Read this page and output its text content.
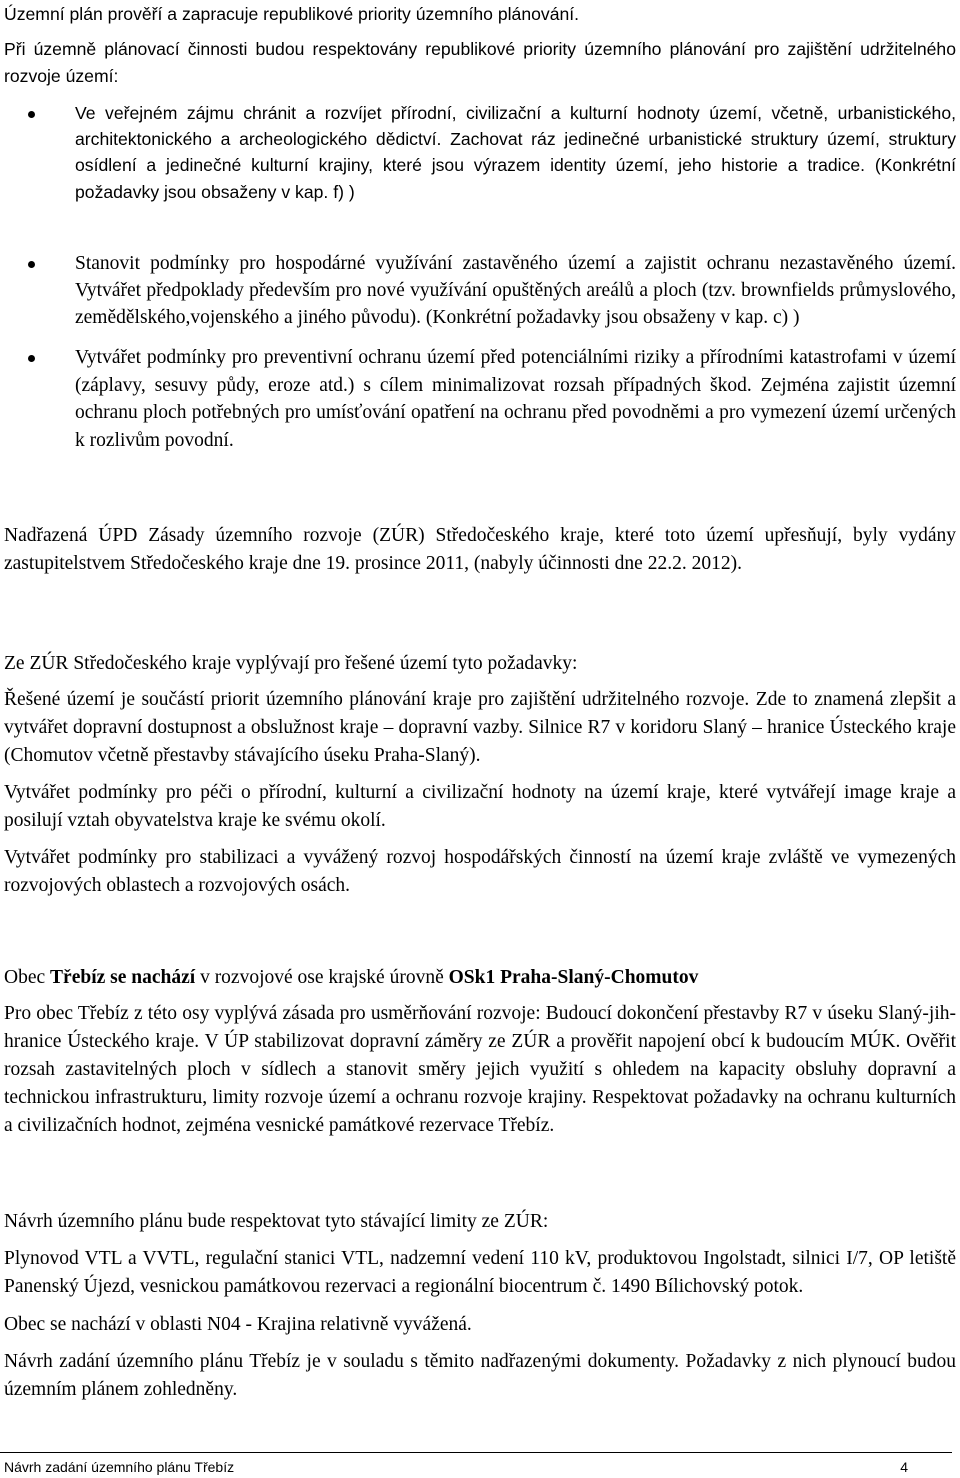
Územní plán prověří a zapracuje republikové priority územního plánování.

Při územně plánovací činnosti budou respektovány republikové priority územního plánování pro zajištění udržitelného rozvoje území:

Ve veřejném zájmu chránit a rozvíjet přírodní, civilizační a kulturní hodnoty území, včetně, urbanistického, architektonického a archeologického dědictví. Zachovat ráz jedinečné urbanistické struktury území, struktury osídlení a jedinečné kulturní krajiny, které jsou výrazem identity území, jeho historie a tradice. (Konkrétní požadavky jsou obsaženy v kap. f) )
Stanovit podmínky pro hospodárné využívání zastavěného území a zajistit ochranu nezastavěného území. Vytvářet předpoklady především pro nové využívání opuštěných areálů a ploch (tzv. brownfields průmyslového, zemědělského,vojenského a jiného původu). (Konkrétní požadavky jsou obsaženy v kap. c) )
Vytvářet podmínky pro preventivní ochranu území před potenciálními riziky a přírodními katastrofami v území (záplavy, sesuvy půdy, eroze atd.) s cílem minimalizovat rozsah případných škod. Zejména zajistit územní ochranu ploch potřebných pro umísťování opatření na ochranu před povodněmi a pro vymezení území určených k rozlivům povodní.

Nadřazená ÚPD Zásady územního rozvoje (ZÚR) Středočeského kraje, které toto území upřesňují, byly vydány zastupitelstvem Středočeského kraje dne 19. prosince 2011, (nabyly účinnosti dne 22.2. 2012).

Ze ZÚR Středočeského kraje vyplývají pro řešené území tyto požadavky:

Řešené území je součástí priorit územního plánování kraje pro zajištění udržitelného rozvoje. Zde to znamená zlepšit a vytvářet dopravní dostupnost a obslužnost kraje – dopravní vazby. Silnice R7 v koridoru Slaný – hranice Ústeckého kraje (Chomutov včetně přestavby stávajícího úseku Praha-Slaný).

Vytvářet podmínky pro péči o přírodní, kulturní a civilizační hodnoty na území kraje, které vytvářejí image kraje a posilují vztah obyvatelstva kraje ke svému okolí.

Vytvářet podmínky pro stabilizaci a vyvážený rozvoj hospodářských činností na území kraje zvláště ve vymezených rozvojových oblastech a rozvojových osách.

Obec Třebíz se nachází v rozvojové ose krajské úrovně OSk1 Praha-Slaný-Chomutov

Pro obec Třebíz z této osy vyplývá zásada pro usměrňování rozvoje: Budoucí dokončení přestavby R7 v úseku Slaný-jih-hranice Ústeckého kraje. V ÚP stabilizovat dopravní záměry ze ZÚR a prověřit napojení obcí k budoucím MÚK. Ověřit rozsah zastavitelných ploch v sídlech a stanovit směry jejich využití s ohledem na kapacity obsluhy dopravní a technickou infrastrukturu, limity rozvoje území a ochranu rozvoje krajiny. Respektovat požadavky na ochranu kulturních a civilizačních hodnot, zejména vesnické památkové rezervace Třebíz.

Návrh územního plánu bude respektovat tyto stávající limity ze ZÚR:

Plynovod VTL a VVTL, regulační stanici VTL, nadzemní vedení 110 kV, produktovou Ingolstadt, silnici I/7, OP letiště Panenský Újezd, vesnickou památkovou rezervaci a regionální biocentrum č. 1490 Bílichovský potok.

Obec se nachází v oblasti N04 - Krajina relativně vyvážená.

Návrh zadání územního plánu Třebíz je v souladu s těmito nadřazenými dokumenty. Požadavky z nich plynoucí budou územním plánem zohledněny.

Návrh zadání územního plánu Třebíz	4
